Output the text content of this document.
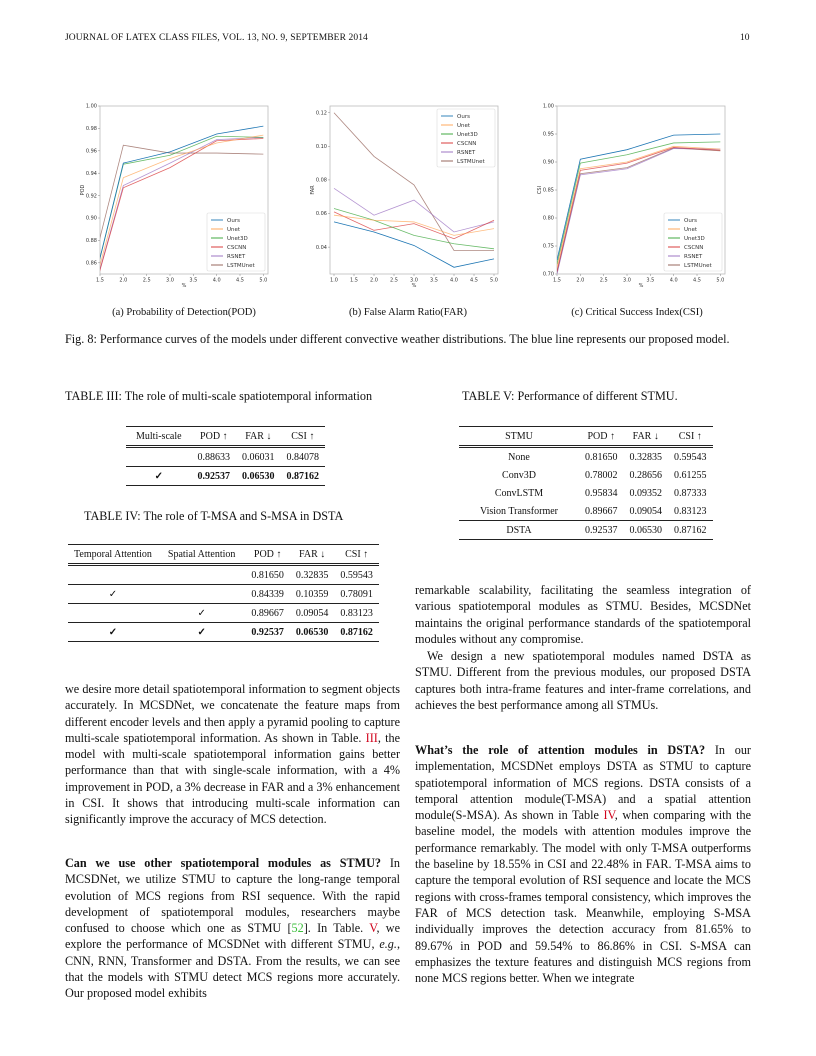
JOURNAL OF LATEX CLASS FILES, VOL. 13, NO. 9, SEPTEMBER 2014	10
1.5	2.0	2.5	3.0	3.5	4.0	4.5	5.0
0.86
0.88
0.90
0.92
0.94
0.96
0.98
1.00
%
POD
Ours
Unet
Unet3D
CSCNN
RSNET
LSTMUnet
1.0 1.5 2.0 2.5 3.0 3.5 4.0 4.5 5.0
0.04
0.06
0.08
0.10
0.12
%
FAR
Ours
Unet
Unet3D
CSCNN
RSNET
LSTMUnet
1.5	2.0	2.5	3.0	3.5	4.0	4.5	5.0
0.70
0.75
0.80
0.85
0.90
0.95
1.00
%
CSI
Ours
Unet
Unet3D
CSCNN
RSNET
LSTMUnet
(a) Probability of Detection(POD)	(b) False Alarm Ratio(FAR)	(c) Critical Success Index(CSI)
Fig. 8: Performance curves of the models under different convective weather distributions. The blue line represents our proposed model.
TABLE III: The role of multi-scale spatiotemporal information
Multi-scale	POD ↑	FAR ↓	CSI ↑
	0.88633	0.06031	0.84078
✓	0.92537	0.06530	0.87162
TABLE IV: The role of T-MSA and S-MSA in DSTA
Temporal Attention	Spatial Attention	POD ↑	FAR ↓	CSI ↑
		0.81650	0.32835	0.59543
✓		0.84339	0.10359	0.78091
	✓	0.89667	0.09054	0.83123
✓	✓	0.92537	0.06530	0.87162
TABLE V: Performance of different STMU.
STMU	POD ↑	FAR ↓	CSI ↑
None	0.81650	0.32835	0.59543
Conv3D	0.78002	0.28656	0.61255
ConvLSTM	0.95834	0.09352	0.87333
Vision Transformer	0.89667	0.09054	0.83123
DSTA	0.92537	0.06530	0.87162
we desire more detail spatiotemporal information to segment objects accurately. In MCSDNet, we concatenate the feature maps from different encoder levels and then apply a pyramid pooling to capture multi-scale spatiotemporal information. As shown in Table. III, the model with multi-scale spatiotemporal information gains better performance than that with single-scale information, with a 4% improvement in POD, a 3% decrease in FAR and a 3% enhancement in CSI. It shows that introducing multi-scale information can significantly improve the accuracy of MCS detection.
Can we use other spatiotemporal modules as STMU? In MCSDNet, we utilize STMU to capture the long-range temporal evolution of MCS regions from RSI sequence. With the rapid development of spatiotemporal modules, researchers maybe confused to choose which one as STMU [52]. In Table. V, we explore the performance of MCSDNet with different STMU, e.g., CNN, RNN, Transformer and DSTA. From the results, we can see that the models with STMU detect MCS regions more accurately. Our proposed model exhibits
remarkable scalability, facilitating the seamless integration of various spatiotemporal modules as STMU. Besides, MCSDNet maintains the original performance standards of the spatiotemporal modules without any compromise.
We design a new spatiotemporal modules named DSTA as STMU. Different from the previous modules, our proposed DSTA captures both intra-frame features and inter-frame correlations, and achieves the best performance among all STMUs.
What’s the role of attention modules in DSTA? In our implementation, MCSDNet employs DSTA as STMU to capture spatiotemporal information of MCS regions. DSTA consists of a temporal attention module(T-MSA) and a spatial attention module(S-MSA). As shown in Table IV, when comparing with the baseline model, the models with attention modules improve the performance remarkably. The model with only T-MSA outperforms the baseline by 18.55% in CSI and 22.48% in FAR. T-MSA aims to capture the temporal evolution of RSI sequence and locate the MCS regions with cross-frames temporal consistency, which improves the FAR of MCS detection task. Meanwhile, employing S-MSA individually improves the detection accuracy from 81.65% to 89.67% in POD and 59.54% to 86.86% in CSI. S-MSA can emphasizes the texture features and distinguish MCS regions from none MCS regions better. When we integrate
